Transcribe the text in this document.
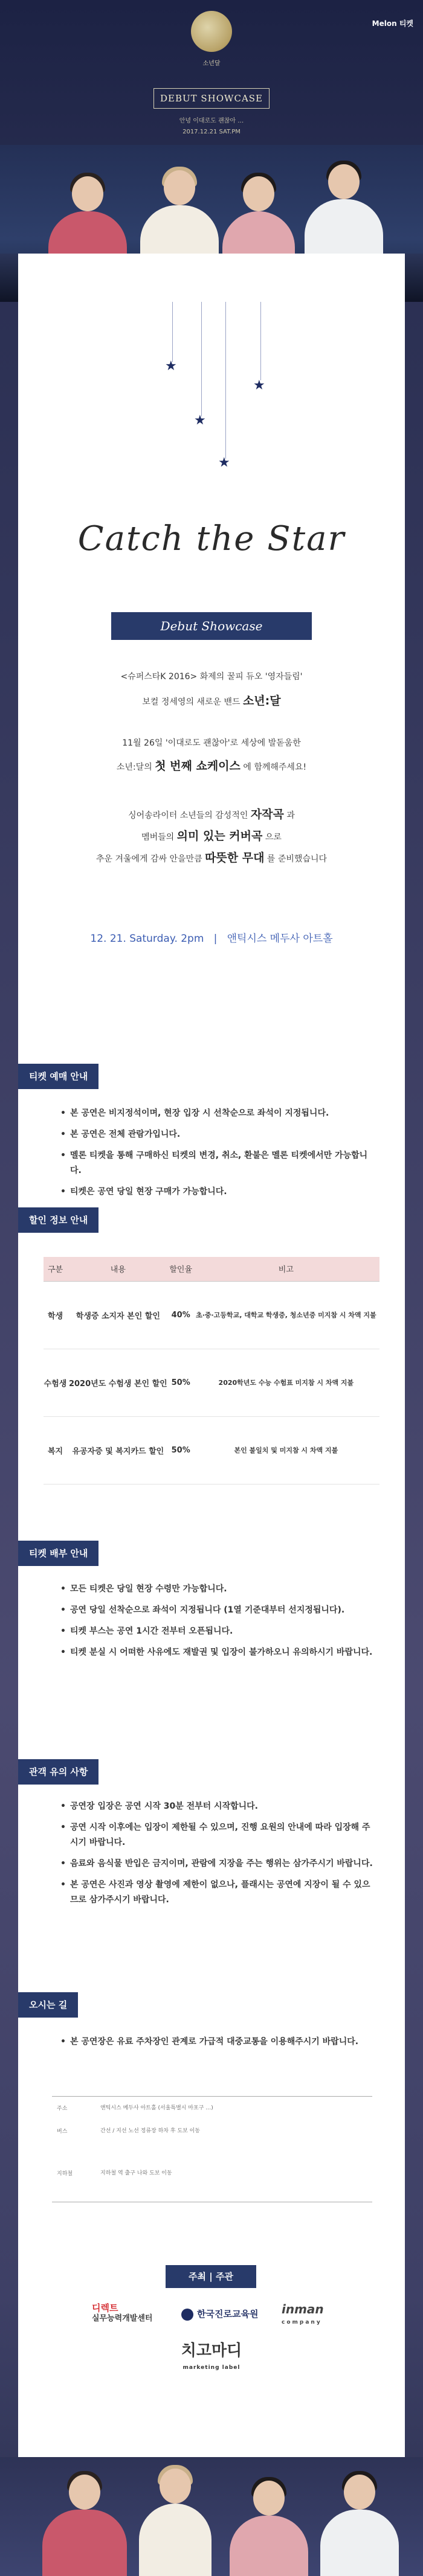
Melon 티켓
소년달
DEBUT SHOWCASE
안녕 이대로도 괜찮아 …
2017.12.21 SAT.PM
★
★
★
★
Catch the Star
Debut Showcase
<슈퍼스타K 2016> 화제의 꿀피 듀오 '영자들림'
보컬 정세영의 새로운 밴드 소년:달
11월 26일 '이대로도 괜찮아'로 세상에 발돋움한
소년:달의 첫 번째 쇼케이스 에 함께해주세요!
싱어송라이터 소년들의 감성적인 자작곡 과
멤버들의 의미 있는 커버곡 으로
추운 겨울에게 감싸 안을만큼 따뜻한 무대 를 준비했습니다
12. 21. Saturday. 2pm | 앤틱시스 메두사 아트홀
티켓 예매 안내
• 본 공연은 비지정석이며, 현장 입장 시 선착순으로 좌석이 지정됩니다.
• 본 공연은 전체 관람가입니다.
• 멜론 티켓을 통해 구매하신 티켓의 변경, 취소, 환불은 멜론 티켓에서만 가능합니다.
• 티켓은 공연 당일 현장 구매가 가능합니다.
할인 정보 안내
구분	내용	할인율	비고
학생	학생증 소지자 본인 할인	40%	초·중·고등학교, 대학교 학생증, 청소년증 미지참 시 차액 지불
수험생	2020년도 수험생 본인 할인	50%	2020학년도 수능 수험표 미지참 시 차액 지불
복지	유공자증 및 복지카드 할인	50%	본인 불일치 및 미지참 시 차액 지불
티켓 배부 안내
• 모든 티켓은 당일 현장 수령만 가능합니다.
• 공연 당일 선착순으로 좌석이 지정됩니다 (1열 기준대부터 선지정됩니다).
• 티켓 부스는 공연 1시간 전부터 오픈됩니다.
• 티켓 분실 시 어떠한 사유에도 재발권 및 입장이 불가하오니 유의하시기 바랍니다.
관객 유의 사항
• 공연장 입장은 공연 시작 30분 전부터 시작합니다.
• 공연 시작 이후에는 입장이 제한될 수 있으며, 진행 요원의 안내에 따라 입장해 주시기 바랍니다.
• 음료와 음식물 반입은 금지이며, 관람에 지장을 주는 행위는 삼가주시기 바랍니다.
• 본 공연은 사진과 영상 촬영에 제한이 없으나, 플래시는 공연에 지장이 될 수 있으므로 삼가주시기 바랍니다.
오시는 길
• 본 공연장은 유료 주차장인 관계로 가급적 대중교통을 이용해주시기 바랍니다.
주소	앤틱시스 메두사 아트홀 (서울특별시 마포구 …)
버스	간선 / 지선 노선 정류장 하차 후 도보 이동
지하철	지하철 역 출구 나와 도보 이동
주최 | 주관
디렉트
실무능력개발센터	한국진로교육원 inman
company
치고마디
marketing label
